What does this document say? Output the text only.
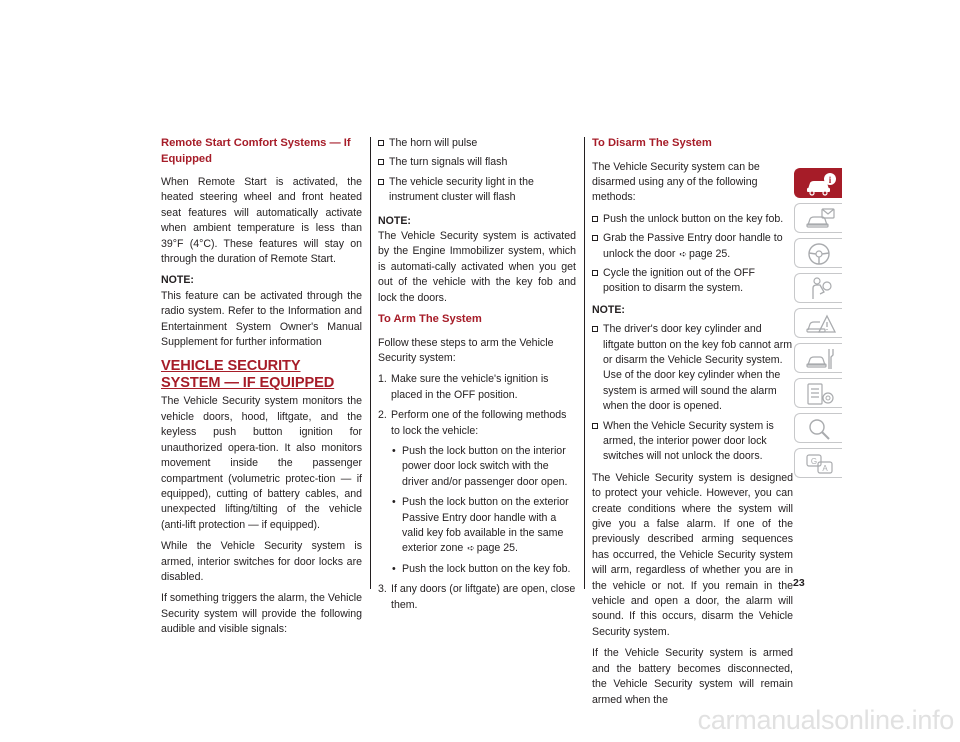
Remote Start Comfort Systems — If Equipped

When Remote Start is activated, the heated steering wheel and front heated seat features will automatically activate when ambient temperature is less than 39°F (4°C). These features will stay on through the duration of Remote Start.

NOTE:
This feature can be activated through the radio system. Refer to the Information and Entertainment System Owner's Manual Supplement for further information

VEHICLE SECURITY SYSTEM — IF EQUIPPED

The Vehicle Security system monitors the vehicle doors, hood, liftgate, and the keyless push button ignition for unauthorized opera-tion. It also monitors movement inside the passenger compartment (volumetric protec-tion — if equipped), cutting of battery cables, and unexpected lifting/tilting of the vehicle (anti-lift protection — if equipped).

While the Vehicle Security system is armed, interior switches for door locks are disabled.

If something triggers the alarm, the Vehicle Security system will provide the following audible and visible signals:

The horn will pulse
The turn signals will flash
The vehicle security light in the instrument cluster will flash

NOTE:
The Vehicle Security system is activated by the Engine Immobilizer system, which is automati-cally activated when you get out of the vehicle with the key fob and lock the doors.

To Arm The System

Follow these steps to arm the Vehicle Security system:

1. Make sure the vehicle's ignition is placed in the OFF position.
2. Perform one of the following methods to lock the vehicle:
• Push the lock button on the interior power door lock switch with the driver and/or passenger door open.
• Push the lock button on the exterior Passive Entry door handle with a valid key fob available in the same exterior zone ➪ page 25.
• Push the lock button on the key fob.
3. If any doors (or liftgate) are open, close them.
To Disarm The System

The Vehicle Security system can be disarmed using any of the following methods:

Push the unlock button on the key fob.
Grab the Passive Entry door handle to unlock the door ➪ page 25.
Cycle the ignition out of the OFF position to disarm the system.

NOTE:

The driver's door key cylinder and liftgate button on the key fob cannot arm or disarm the Vehicle Security system. Use of the door key cylinder when the system is armed will sound the alarm when the door is opened.
When the Vehicle Security system is armed, the interior power door lock switches will not unlock the doors.

The Vehicle Security system is designed to protect your vehicle. However, you can create conditions where the system will give you a false alarm. If one of the previously described arming sequences has occurred, the Vehicle Security system will arm, regardless of whether you are in the vehicle or not. If you remain in the vehicle and open a door, the alarm will sound. If this occurs, disarm the Vehicle Security system.

If the Vehicle Security system is armed and the battery becomes disconnected, the Vehicle Security system will remain armed when the

23
i
G
A
carmanualsonline.info
